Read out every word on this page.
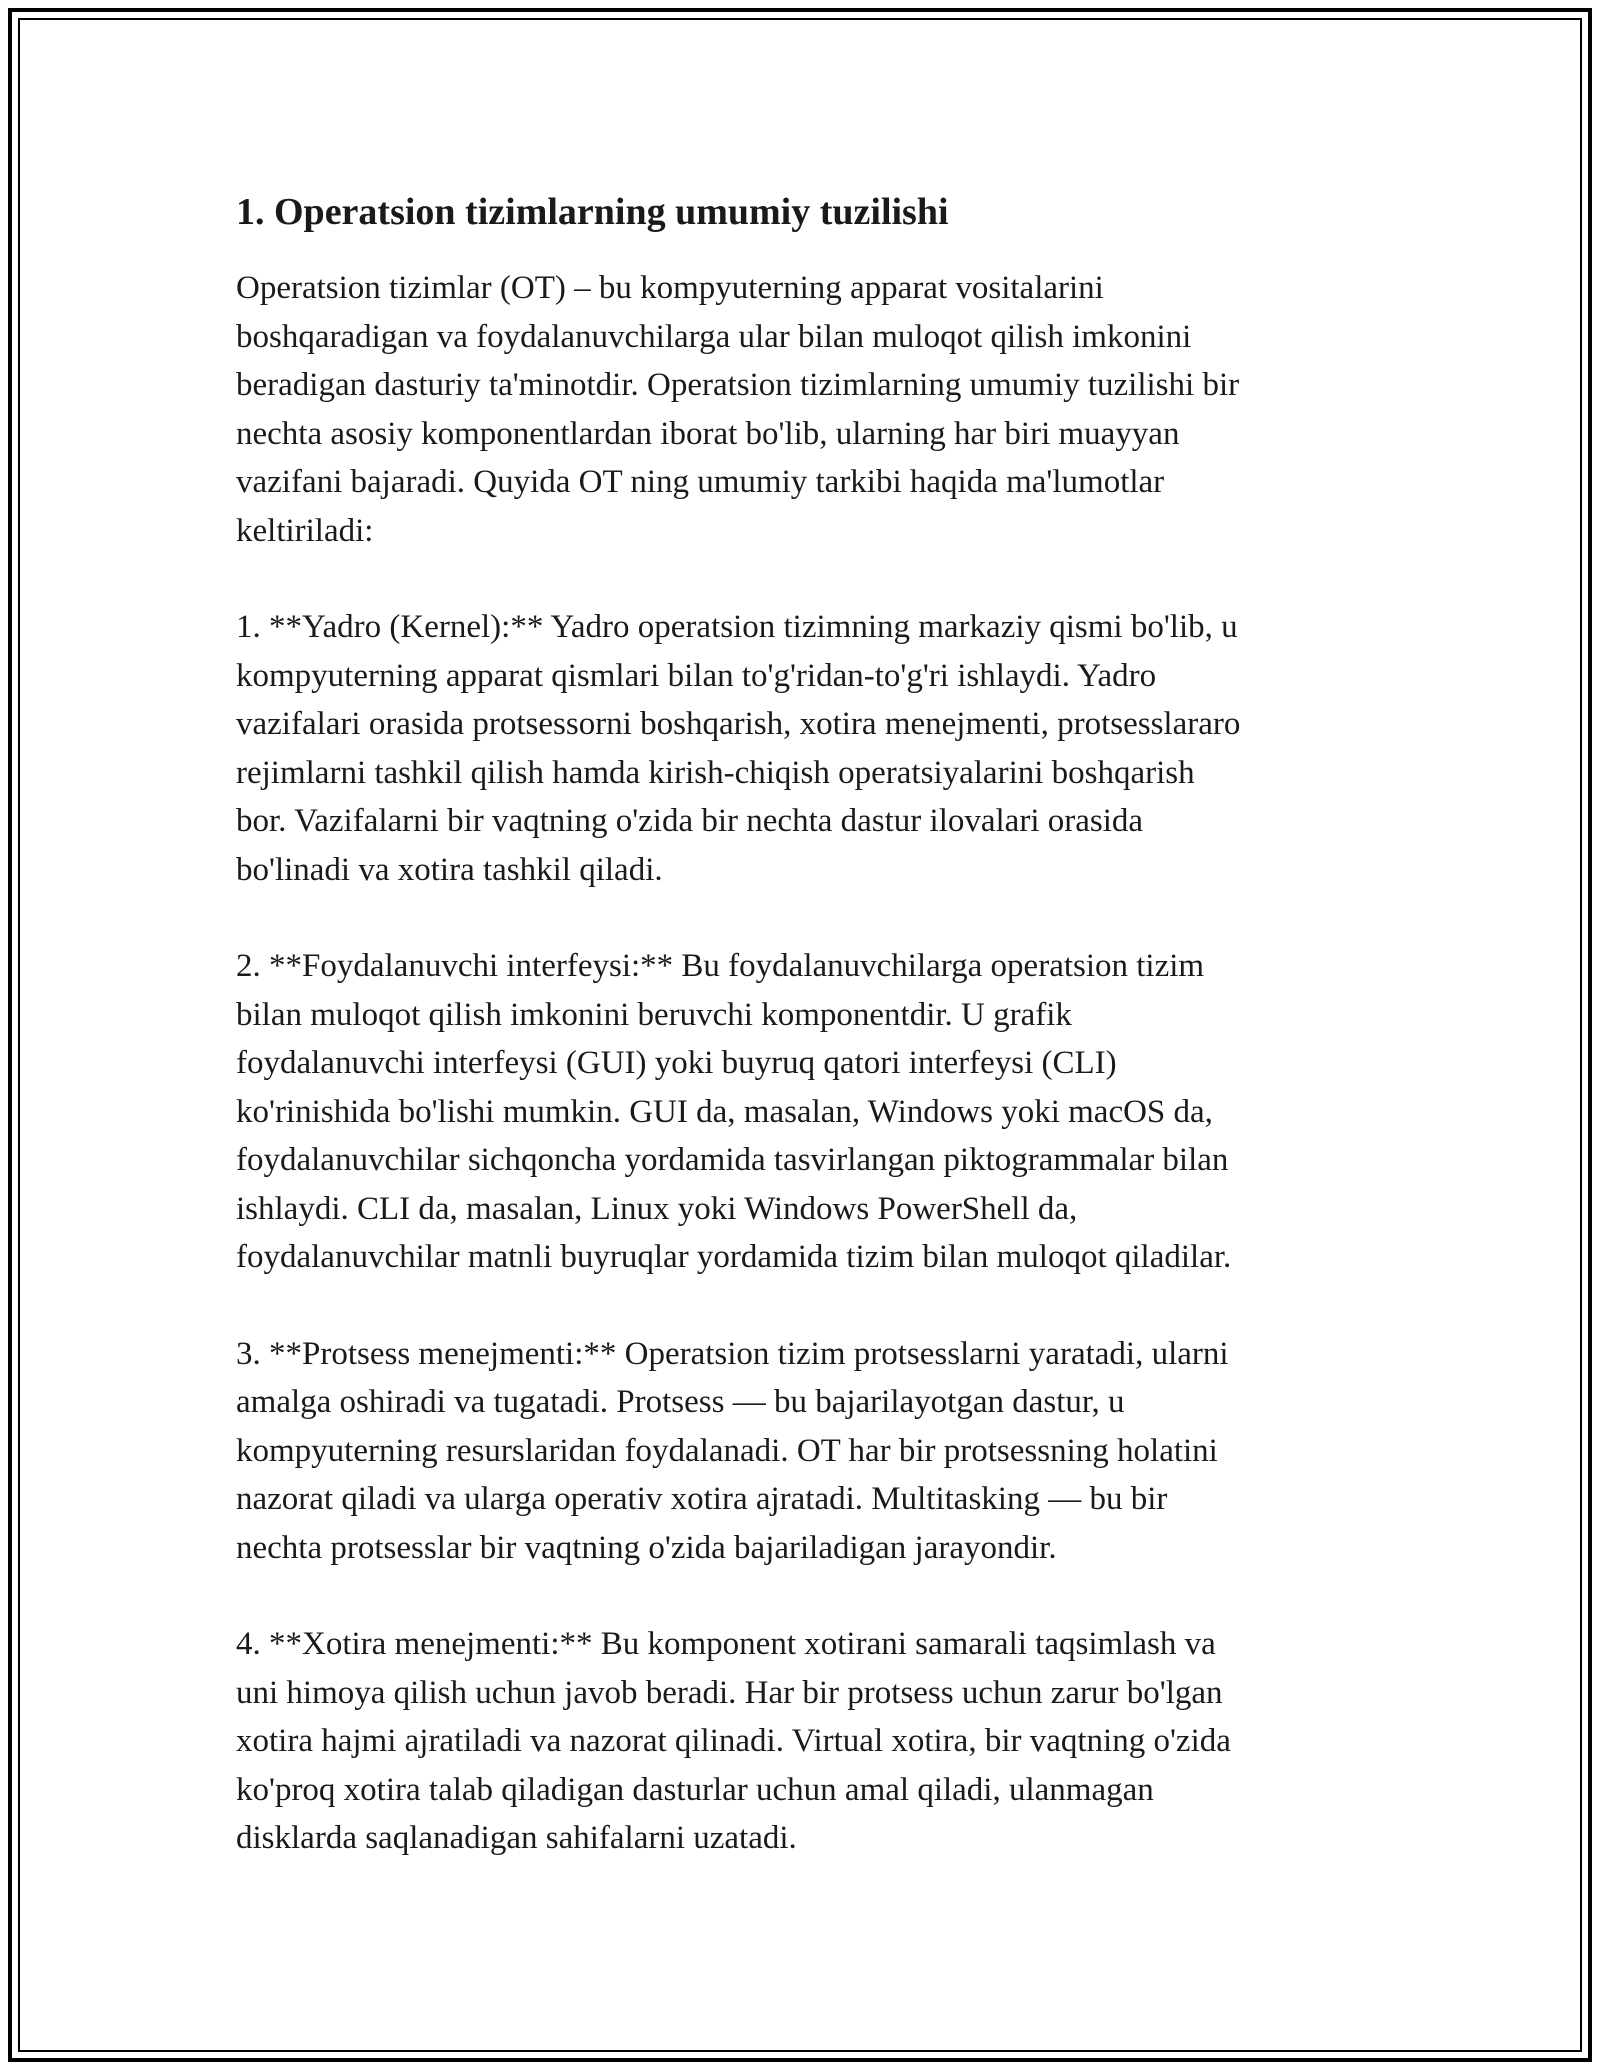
1. Operatsion tizimlarning umumiy tuzilishi

Operatsion tizimlar (OT) – bu kompyuterning apparat vositalarini
boshqaradigan va foydalanuvchilarga ular bilan muloqot qilish imkonini
beradigan dasturiy ta'minotdir. Operatsion tizimlarning umumiy tuzilishi bir
nechta asosiy komponentlardan iborat bo'lib, ularning har biri muayyan
vazifani bajaradi. Quyida OT ning umumiy tarkibi haqida ma'lumotlar
keltiriladi:

1. **Yadro (Kernel):** Yadro operatsion tizimning markaziy qismi bo'lib, u
kompyuterning apparat qismlari bilan to'g'ridan-to'g'ri ishlaydi. Yadro
vazifalari orasida protsessorni boshqarish, xotira menejmenti, protsesslararo
rejimlarni tashkil qilish hamda kirish-chiqish operatsiyalarini boshqarish
bor. Vazifalarni bir vaqtning o'zida bir nechta dastur ilovalari orasida
bo'linadi va xotira tashkil qiladi.

2. **Foydalanuvchi interfeysi:** Bu foydalanuvchilarga operatsion tizim
bilan muloqot qilish imkonini beruvchi komponentdir. U grafik
foydalanuvchi interfeysi (GUI) yoki buyruq qatori interfeysi (CLI)
ko'rinishida bo'lishi mumkin. GUI da, masalan, Windows yoki macOS da,
foydalanuvchilar sichqoncha yordamida tasvirlangan piktogrammalar bilan
ishlaydi. CLI da, masalan, Linux yoki Windows PowerShell da,
foydalanuvchilar matnli buyruqlar yordamida tizim bilan muloqot qiladilar.

3. **Protsess menejmenti:** Operatsion tizim protsesslarni yaratadi, ularni
amalga oshiradi va tugatadi. Protsess — bu bajarilayotgan dastur, u
kompyuterning resurslaridan foydalanadi. OT har bir protsessning holatini
nazorat qiladi va ularga operativ xotira ajratadi. Multitasking — bu bir
nechta protsesslar bir vaqtning o'zida bajariladigan jarayondir.

4. **Xotira menejmenti:** Bu komponent xotirani samarali taqsimlash va
uni himoya qilish uchun javob beradi. Har bir protsess uchun zarur bo'lgan
xotira hajmi ajratiladi va nazorat qilinadi. Virtual xotira, bir vaqtning o'zida
ko'proq xotira talab qiladigan dasturlar uchun amal qiladi, ulanmagan
disklarda saqlanadigan sahifalarni uzatadi.
